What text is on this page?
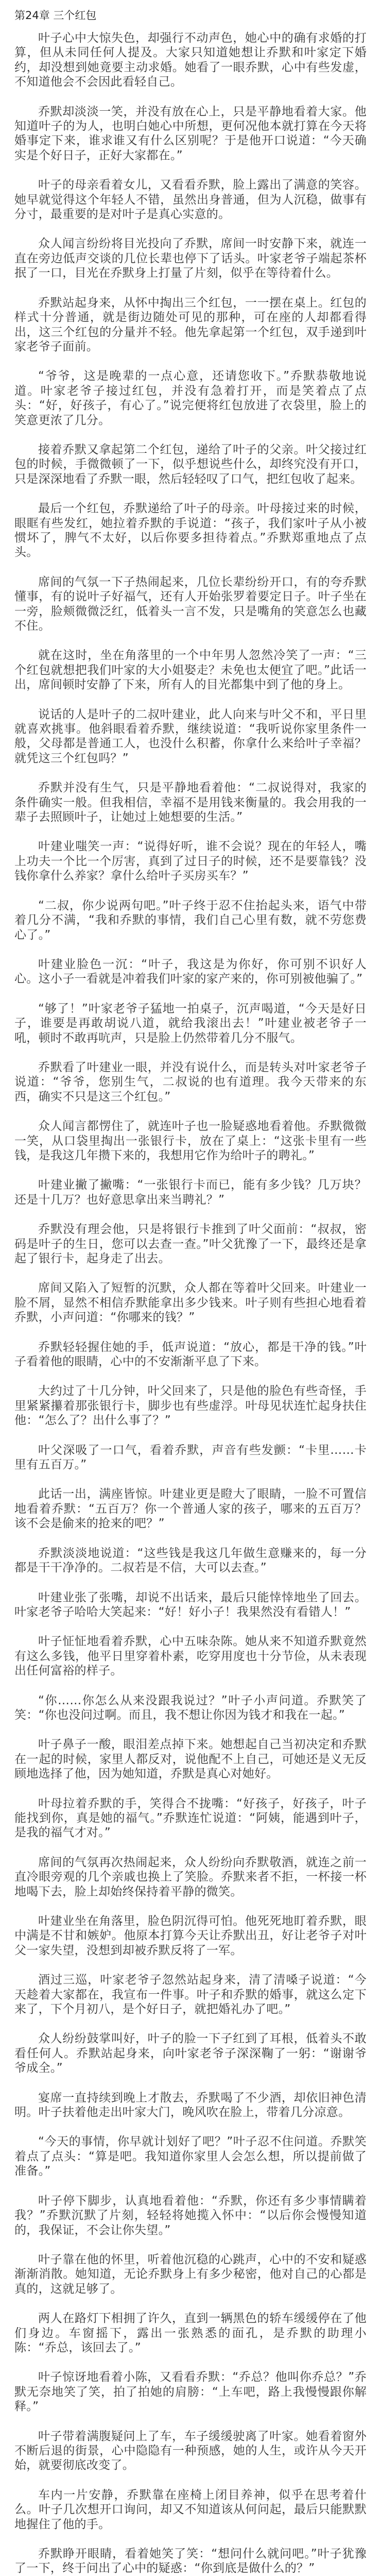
第24章 三个红包

叶子心中大惊失色，却强行不动声色，她心中的确有求婚的打算，但从未同任何人提及。大家只知道她想让乔默和叶家定下婚约，却没想到她竟要主动求婚。她看了一眼乔默，心中有些发虚，不知道他会不会因此看轻自己。

乔默却淡淡一笑，并没有放在心上，只是平静地看着大家。他知道叶子的为人，也明白她心中所想，更何况他本就打算在今天将婚事定下来，谁求谁又有什么区别呢？于是他开口说道：“今天确实是个好日子，正好大家都在。”

叶子的母亲看着女儿，又看看乔默，脸上露出了满意的笑容。她早就觉得这个年轻人不错，虽然出身普通，但为人沉稳，做事有分寸，最重要的是对叶子是真心实意的。

众人闻言纷纷将目光投向了乔默，席间一时安静下来，就连一直在旁边低声交谈的几位长辈也停下了话头。叶家老爷子端起茶杯抿了一口，目光在乔默身上打量了片刻，似乎在等待着什么。

乔默站起身来，从怀中掏出三个红包，一一摆在桌上。红包的样式十分普通，就是街边随处可见的那种，可在座的人却都看得出，这三个红包的分量并不轻。他先拿起第一个红包，双手递到叶家老爷子面前。

“爷爷，这是晚辈的一点心意，还请您收下。”乔默恭敬地说道。叶家老爷子接过红包，并没有急着打开，而是笑着点了点头：“好，好孩子，有心了。”说完便将红包放进了衣袋里，脸上的笑意更浓了几分。

接着乔默又拿起第二个红包，递给了叶子的父亲。叶父接过红包的时候，手微微顿了一下，似乎想说些什么，却终究没有开口，只是深深地看了乔默一眼，然后轻轻叹了口气，把红包收了起来。

最后一个红包，乔默递给了叶子的母亲。叶母接过来的时候，眼眶有些发红，她拉着乔默的手说道：“孩子，我们家叶子从小被惯坏了，脾气不太好，以后你要多担待着点。”乔默郑重地点了点头。

席间的气氛一下子热闹起来，几位长辈纷纷开口，有的夸乔默懂事，有的说叶子好福气，还有人开始张罗着要定日子。叶子坐在一旁，脸颊微微泛红，低着头一言不发，只是嘴角的笑意怎么也藏不住。

就在这时，坐在角落里的一个中年男人忽然冷笑了一声：“三个红包就想把我们叶家的大小姐娶走？未免也太便宜了吧。”此话一出，席间顿时安静了下来，所有人的目光都集中到了他的身上。

说话的人是叶子的二叔叶建业，此人向来与叶父不和，平日里就喜欢挑事。他斜眼看着乔默，继续说道：“我听说你家里条件一般，父母都是普通工人，也没什么积蓄，你拿什么来给叶子幸福？就凭这三个红包吗？”

乔默并没有生气，只是平静地看着他：“二叔说得对，我家的条件确实一般。但我相信，幸福不是用钱来衡量的。我会用我的一辈子去照顾叶子，让她过上她想要的生活。”

叶建业嗤笑一声：“说得好听，谁不会说？现在的年轻人，嘴上功夫一个比一个厉害，真到了过日子的时候，还不是要靠钱？没钱你拿什么养家？拿什么给叶子买房买车？”

“二叔，你少说两句吧。”叶子终于忍不住抬起头来，语气中带着几分不满，“我和乔默的事情，我们自己心里有数，就不劳您费心了。”

叶建业脸色一沉：“叶子，我这是为你好，你可别不识好人心。这小子一看就是冲着我们叶家的家产来的，你可别被他骗了。”

“够了！”叶家老爷子猛地一拍桌子，沉声喝道，“今天是好日子，谁要是再敢胡说八道，就给我滚出去！”叶建业被老爷子一吼，顿时不敢再吭声，只是脸上仍然带着几分不服气。

乔默看了叶建业一眼，并没有说什么，而是转头对叶家老爷子说道：“爷爷，您别生气，二叔说的也有道理。我今天带来的东西，确实不只是这三个红包。”

众人闻言都愣住了，就连叶子也一脸疑惑地看着他。乔默微微一笑，从口袋里掏出一张银行卡，放在了桌上：“这张卡里有一些钱，是我这几年攒下来的，我想用它作为给叶子的聘礼。”

叶建业撇了撇嘴：“一张银行卡而已，能有多少钱？几万块？还是十几万？也好意思拿出来当聘礼？”

乔默没有理会他，只是将银行卡推到了叶父面前：“叔叔，密码是叶子的生日，您可以去查一查。”叶父犹豫了一下，最终还是拿起了银行卡，起身走了出去。

席间又陷入了短暂的沉默，众人都在等着叶父回来。叶建业一脸不屑，显然不相信乔默能拿出多少钱来。叶子则有些担心地看着乔默，小声问道：“你哪来的钱？”

乔默轻轻握住她的手，低声说道：“放心，都是干净的钱。”叶子看着他的眼睛，心中的不安渐渐平息了下来。

大约过了十几分钟，叶父回来了，只是他的脸色有些奇怪，手里紧紧攥着那张银行卡，脚步也有些虚浮。叶母见状连忙起身扶住他：“怎么了？出什么事了？”

叶父深吸了一口气，看着乔默，声音有些发颤：“卡里……卡里有五百万。”

此话一出，满座皆惊。叶建业更是瞪大了眼睛，一脸不可置信地看着乔默：“五百万？你一个普通人家的孩子，哪来的五百万？该不会是偷来的抢来的吧？”

乔默淡淡地说道：“这些钱是我这几年做生意赚来的，每一分都是干干净净的。二叔若是不信，大可以去查。”

叶建业张了张嘴，却说不出话来，最后只能悻悻地坐了回去。叶家老爷子哈哈大笑起来：“好！好小子！我果然没有看错人！”

叶子怔怔地看着乔默，心中五味杂陈。她从来不知道乔默竟然有这么多钱，他平日里穿着朴素，吃穿用度也十分节俭，从未表现出任何富裕的样子。

“你……你怎么从来没跟我说过？”叶子小声问道。乔默笑了笑：“你也没问过啊。而且，我不想让你因为钱才和我在一起。”

叶子鼻子一酸，眼泪差点掉下来。她想起自己当初决定和乔默在一起的时候，家里人都反对，说他配不上自己，可她还是义无反顾地选择了他，因为她知道，乔默是真心对她好。

叶母拉着乔默的手，笑得合不拢嘴：“好孩子，好孩子，叶子能找到你，真是她的福气。”乔默连忙说道：“阿姨，能遇到叶子，是我的福气才对。”

席间的气氛再次热闹起来，众人纷纷向乔默敬酒，就连之前一直冷眼旁观的几个亲戚也换上了笑脸。乔默来者不拒，一杯接一杯地喝下去，脸上却始终保持着平静的微笑。

叶建业坐在角落里，脸色阴沉得可怕。他死死地盯着乔默，眼中满是不甘和嫉妒。他原本打算今天让乔默出丑，好让老爷子对叶父一家失望，没想到却被乔默反将了一军。

酒过三巡，叶家老爷子忽然站起身来，清了清嗓子说道：“今天趁着大家都在，我宣布一件事。叶子和乔默的婚事，就这么定下来了，下个月初八，是个好日子，就把婚礼办了吧。”

众人纷纷鼓掌叫好，叶子的脸一下子红到了耳根，低着头不敢看任何人。乔默站起身来，向叶家老爷子深深鞠了一躬：“谢谢爷爷成全。”

宴席一直持续到晚上才散去，乔默喝了不少酒，却依旧神色清明。叶子扶着他走出叶家大门，晚风吹在脸上，带着几分凉意。

“今天的事情，你早就计划好了吧？”叶子忍不住问道。乔默笑着点了点头：“算是吧。我知道你家里人会怎么想，所以提前做了准备。”

叶子停下脚步，认真地看着他：“乔默，你还有多少事情瞒着我？”乔默沉默了片刻，轻轻将她揽入怀中：“以后你会慢慢知道的，我保证，不会让你失望。”

叶子靠在他的怀里，听着他沉稳的心跳声，心中的不安和疑惑渐渐消散。她知道，无论乔默身上有多少秘密，他对自己的心都是真的，这就足够了。

两人在路灯下相拥了许久，直到一辆黑色的轿车缓缓停在了他们身边。车窗摇下，露出一张熟悉的面孔，是乔默的助理小陈：“乔总，该回去了。”

叶子惊讶地看着小陈，又看看乔默：“乔总？他叫你乔总？”乔默无奈地笑了笑，拍了拍她的肩膀：“上车吧，路上我慢慢跟你解释。”

叶子带着满腹疑问上了车，车子缓缓驶离了叶家。她看着窗外不断后退的街景，心中隐隐有一种预感，她的人生，或许从今天开始，就要彻底改变了。

车内一片安静，乔默靠在座椅上闭目养神，似乎在思考着什么。叶子几次想开口询问，却又不知道该从何问起，最后只能默默地握住了他的手。

乔默睁开眼睛，看着她笑了笑：“想问什么就问吧。”叶子犹豫了一下，终于问出了心中的疑惑：“你到底是做什么的？”
